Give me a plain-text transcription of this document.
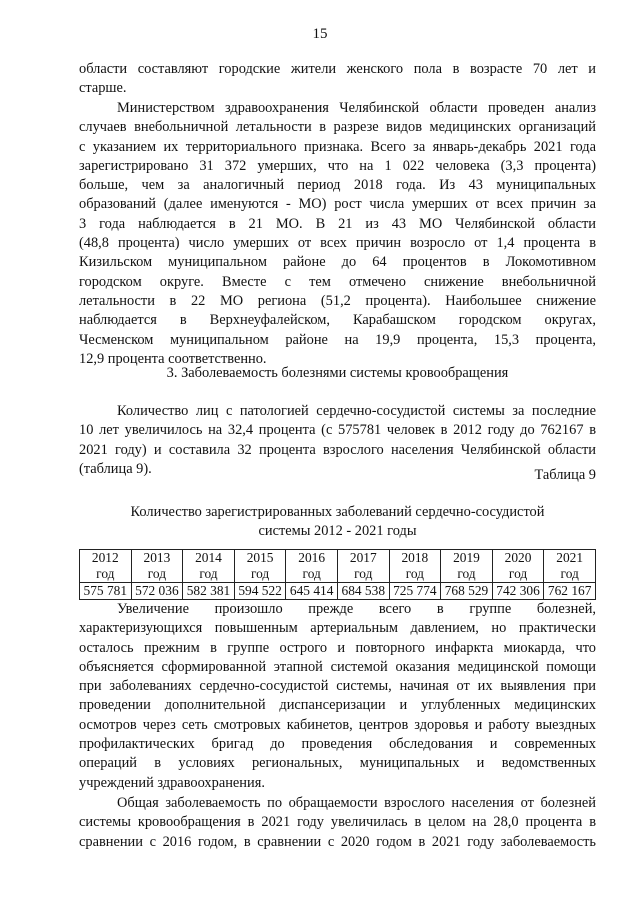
15
области составляют городские жители женского пола в возрасте 70 лет и
старше.
Министерством здравоохранения Челябинской области проведен анализ
случаев внебольничной летальности в разрезе видов медицинских организаций
с указанием их территориального признака. Всего за январь-декабрь 2021 года
зарегистрировано 31 372 умерших, что на 1 022 человека (3,3 процента)
больше, чем за аналогичный период 2018 года. Из 43 муниципальных
образований (далее именуются - МО) рост числа умерших от всех причин за
3 года наблюдается в 21 МО. В 21 из 43 МО Челябинской области
(48,8 процента) число умерших от всех причин возросло от 1,4 процента в
Кизильском муниципальном районе до 64 процентов в Локомотивном
городском округе. Вместе с тем отмечено снижение внебольничной
летальности в 22 МО региона (51,2 процента). Наибольшее снижение
наблюдается в Верхнеуфалейском, Карабашском городском округах,
Чесменском муниципальном районе на 19,9 процента, 15,3 процента,
12,9 процента соответственно.
3. Заболеваемость болезнями системы кровообращения
Количество лиц с патологией сердечно-сосудистой системы за последние
10 лет увеличилось на 32,4 процента (с 575781 человек в 2012 году до 762167 в
2021 году) и составила 32 процента взрослого населения Челябинской области
(таблица 9).	Таблица 9
Количество зарегистрированных заболеваний сердечно-сосудистой
системы 2012 - 2021 годы
2012	2013	2014	2015	2016	2017	2018	2019	2020	2021
год	год	год	год	год	год	год	год	год	год
575 781	572 036	582 381	594 522	645 414	684 538	725 774	768 529	742 306	762 167
Увеличение произошло прежде всего в группе болезней,
характеризующихся повышенным артериальным давлением, но практически
осталось прежним в группе острого и повторного инфаркта миокарда, что
объясняется сформированной этапной системой оказания медицинской помощи
при заболеваниях сердечно-сосудистой системы, начиная от их выявления при
проведении дополнительной диспансеризации и углубленных медицинских
осмотров через сеть смотровых кабинетов, центров здоровья и работу выездных
профилактических бригад до проведения обследования и современных
операций в условиях региональных, муниципальных и ведомственных
учреждений здравоохранения.
Общая заболеваемость по обращаемости взрослого населения от болезней
системы кровообращения в 2021 году увеличилась в целом на 28,0 процента в
сравнении с 2016 годом, в сравнении с 2020 годом в 2021 году заболеваемость
